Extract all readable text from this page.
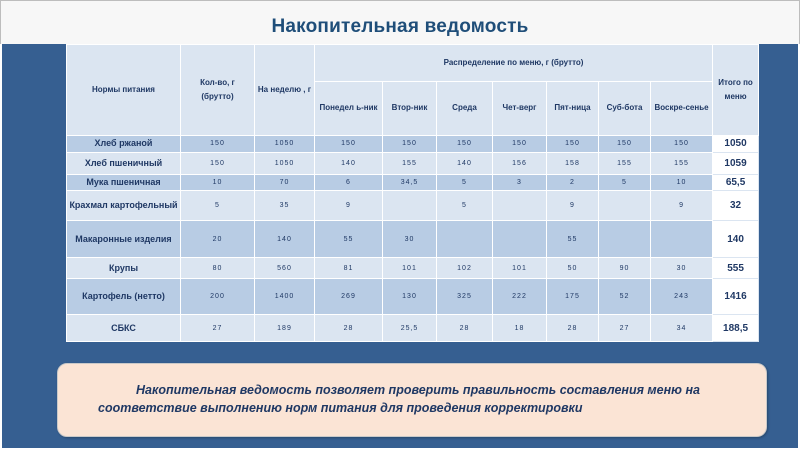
Накопительная ведомость
Нормы питания	Кол-во, г (брутто)	На неделю , г	Распределение по меню, г (брутто)							Итого по меню
			Понедел ь-ник	Втор-ник	Среда	Чет-верг	Пят-ница	Суб-бота	Воскре-сенье	
Хлеб ржаной	150	1050	150	150	150	150	150	150	150	1050
Хлеб пшеничный	150	1050	140	155	140	156	158	155	155	1059
Мука пшеничная	10	70	6	34,5	5	3	2	5	10	65,5
Крахмал картофельный	5	35	9		5		9		9	32
Макаронные изделия	20	140	55	30			55			140
Крупы	80	560	81	101	102	101	50	90	30	555
Картофель (нетто)	200	1400	269	130	325	222	175	52	243	1416
СБКС	27	189	28	25,5	28	18	28	27	34	188,5
Накопительная ведомость позволяет проверить правильность составления меню на соответствие выполнению норм питания для проведения корректировки
